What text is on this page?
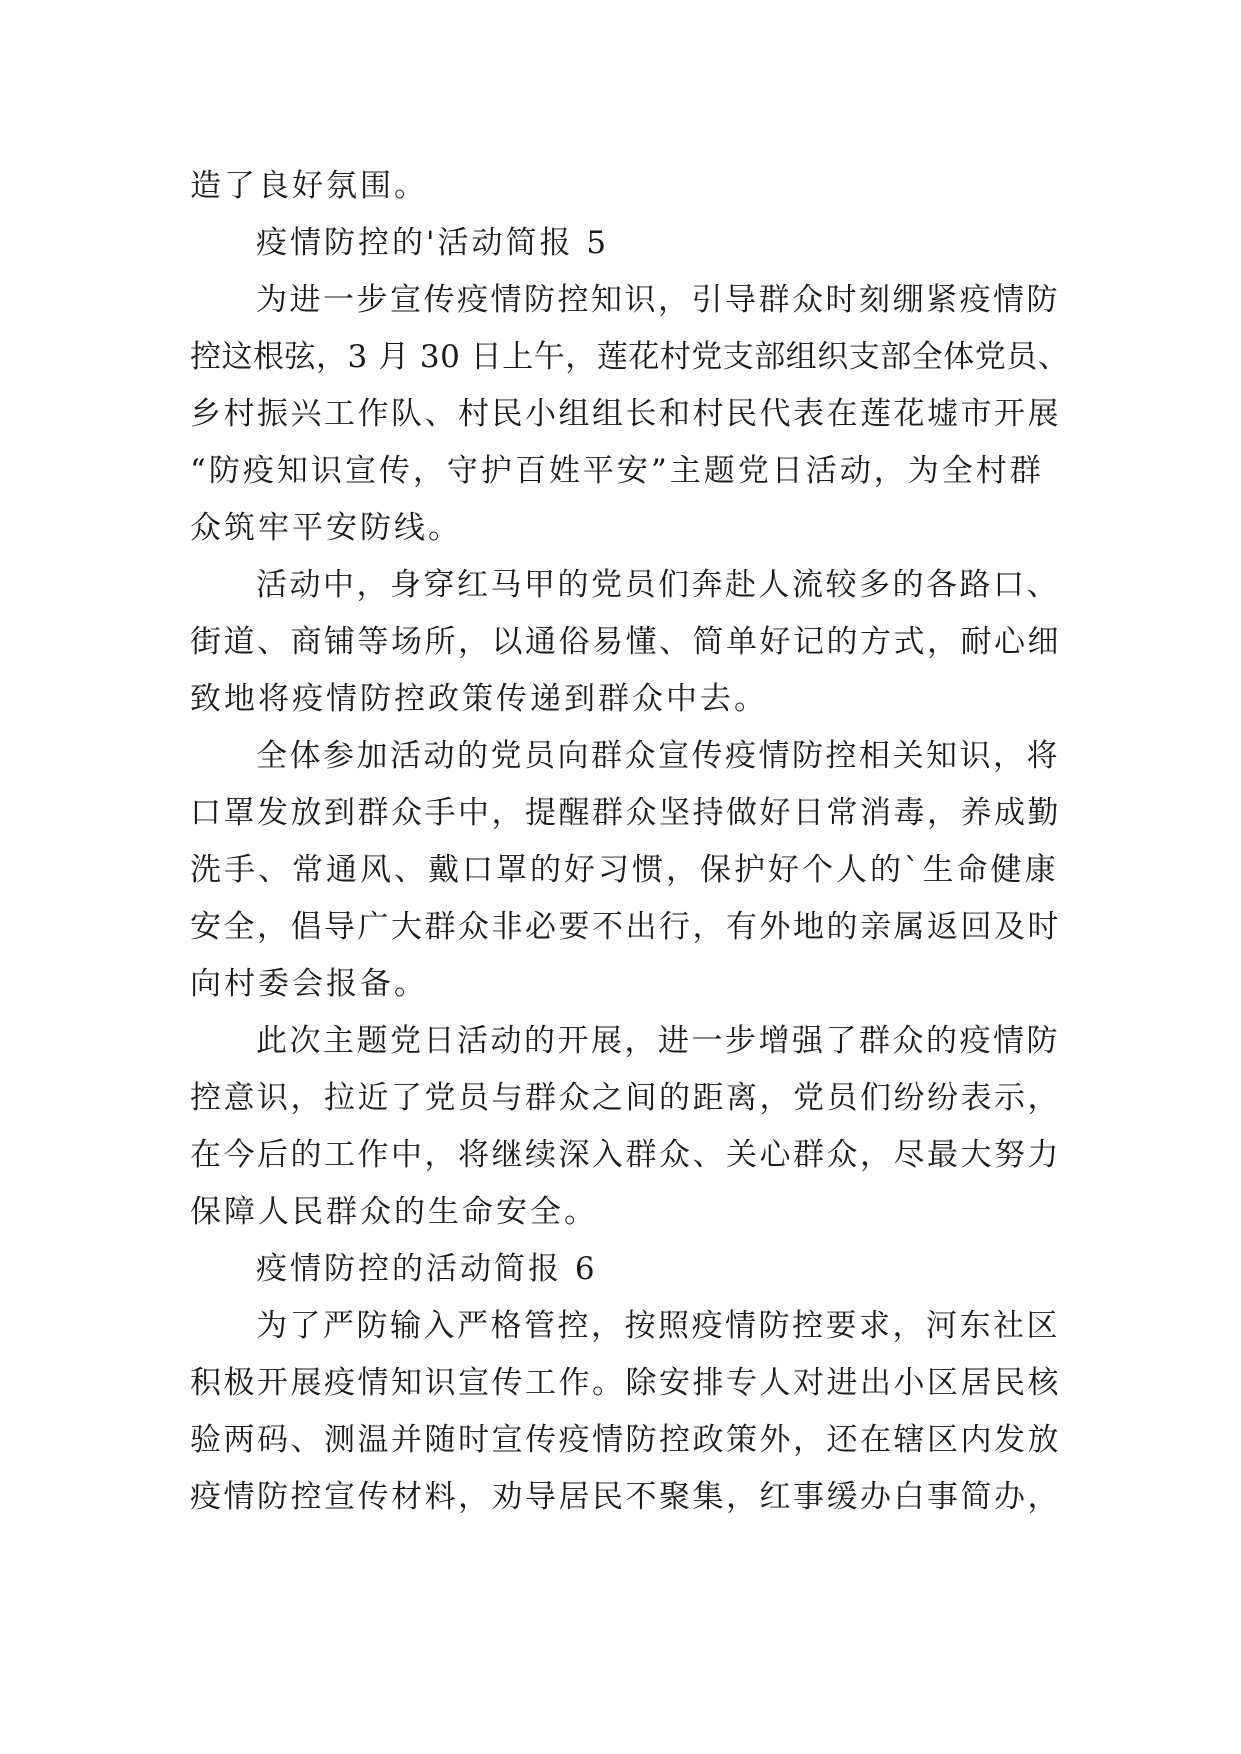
造了良好氛围。
疫情防控的'活动简报 5
为进一步宣传疫情防控知识，引导群众时刻绷紧疫情防
控这根弦，3 月 30 日上午，莲花村党支部组织支部全体党员、
乡村振兴工作队、村民小组组长和村民代表在莲花墟市开展
“防疫知识宣传，守护百姓平安”主题党日活动，为全村群
众筑牢平安防线。
活动中，身穿红马甲的党员们奔赴人流较多的各路口、
街道、商铺等场所，以通俗易懂、简单好记的方式，耐心细
致地将疫情防控政策传递到群众中去。
全体参加活动的党员向群众宣传疫情防控相关知识，将
口罩发放到群众手中，提醒群众坚持做好日常消毒，养成勤
洗手、常通风、戴口罩的好习惯，保护好个人的`生命健康
安全，倡导广大群众非必要不出行，有外地的亲属返回及时
向村委会报备。
此次主题党日活动的开展，进一步增强了群众的疫情防
控意识，拉近了党员与群众之间的距离，党员们纷纷表示，
在今后的工作中，将继续深入群众、关心群众，尽最大努力
保障人民群众的生命安全。
疫情防控的活动简报 6
为了严防输入严格管控，按照疫情防控要求，河东社区
积极开展疫情知识宣传工作。除安排专人对进出小区居民核
验两码、测温并随时宣传疫情防控政策外，还在辖区内发放
疫情防控宣传材料，劝导居民不聚集，红事缓办白事简办，
